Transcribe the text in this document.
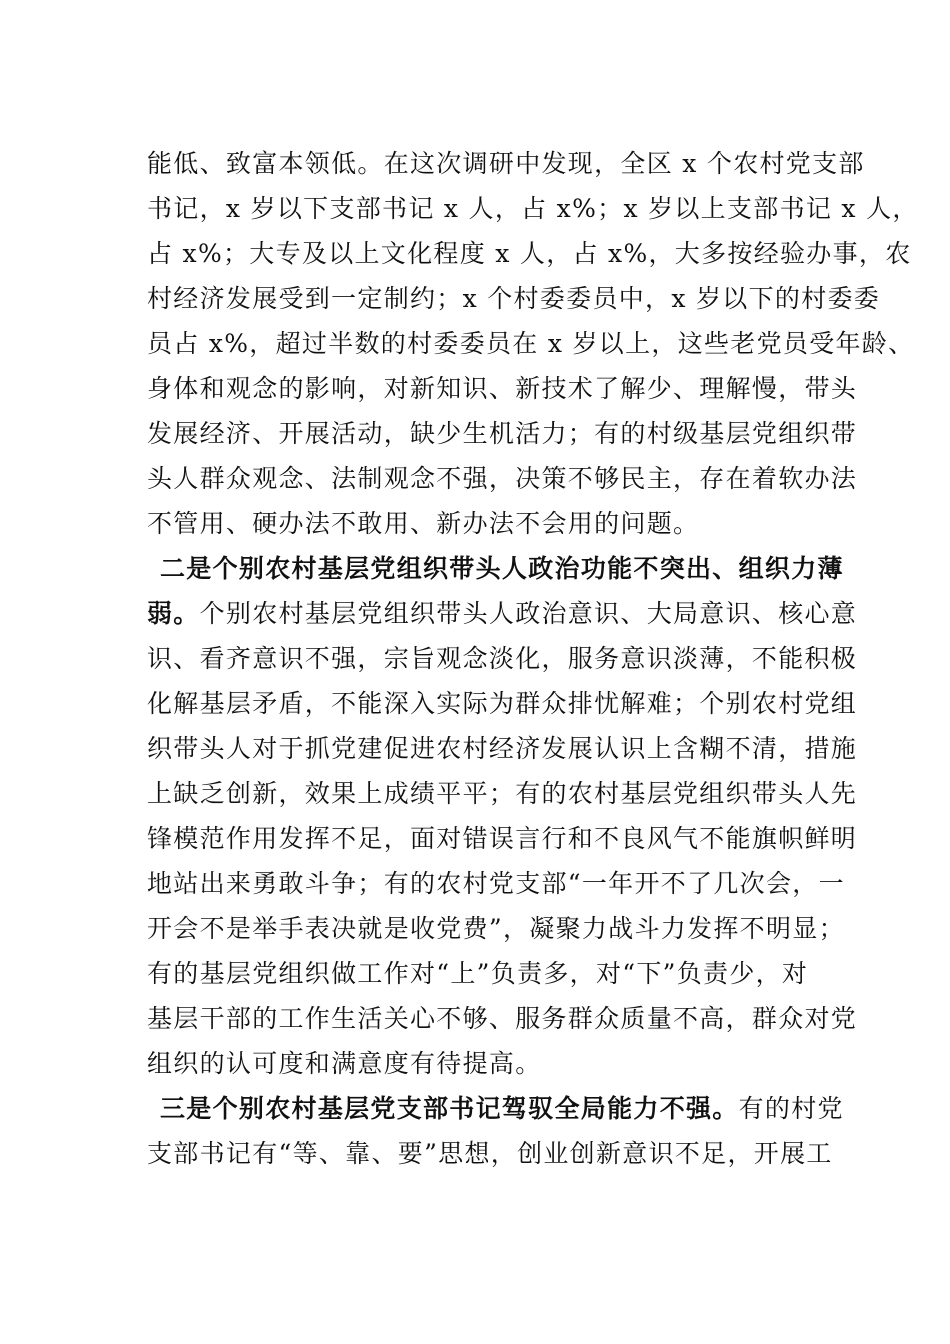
能低、致富本领低。在这次调研中发现，全区 x 个农村党支部
书记，x 岁以下支部书记 x 人，占 x%；x 岁以上支部书记 x 人，
占 x%；大专及以上文化程度 x 人，占 x%，大多按经验办事，农
村经济发展受到一定制约；x 个村委委员中，x 岁以下的村委委
员占 x%，超过半数的村委委员在 x 岁以上，这些老党员受年龄、
身体和观念的影响，对新知识、新技术了解少、理解慢，带头
发展经济、开展活动，缺少生机活力；有的村级基层党组织带
头人群众观念、法制观念不强，决策不够民主，存在着软办法
不管用、硬办法不敢用、新办法不会用的问题。
二是个别农村基层党组织带头人政治功能不突出、组织力薄
弱。个别农村基层党组织带头人政治意识、大局意识、核心意
识、看齐意识不强，宗旨观念淡化，服务意识淡薄，不能积极
化解基层矛盾，不能深入实际为群众排忧解难；个别农村党组
织带头人对于抓党建促进农村经济发展认识上含糊不清，措施
上缺乏创新，效果上成绩平平；有的农村基层党组织带头人先
锋模范作用发挥不足，面对错误言行和不良风气不能旗帜鲜明
地站出来勇敢斗争；有的农村党支部“一年开不了几次会，一
开会不是举手表决就是收党费”，凝聚力战斗力发挥不明显；
有的基层党组织做工作对“上”负责多，对“下”负责少，对
基层干部的工作生活关心不够、服务群众质量不高，群众对党
组织的认可度和满意度有待提高。
三是个别农村基层党支部书记驾驭全局能力不强。有的村党
支部书记有“等、靠、要”思想，创业创新意识不足，开展工
